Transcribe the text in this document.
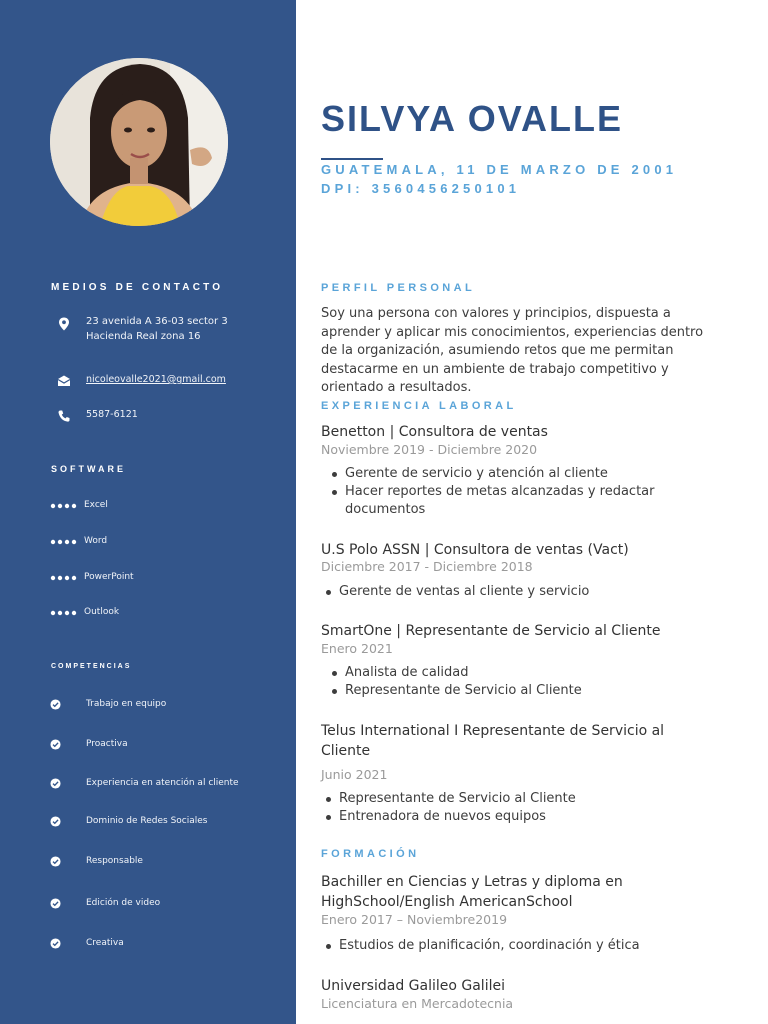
MEDIOS DE CONTACTO
23 avenida A 36-03 sector 3
Hacienda Real zona 16
nicoleovalle2021@gmail.com
5587-6121
SOFTWARE
Excel
Word
PowerPoint
Outlook
COMPETENCIAS
Trabajo en equipo
Proactiva
Experiencia en atención al cliente
Dominio de Redes Sociales
Responsable
Edición de video
Creativa
SILVYA OVALLE
GUATEMALA, 11 DE MARZO DE 2001
DPI: 3560456250101
PERFIL PERSONAL
Soy una persona con valores y principios, dispuesta a aprender y aplicar mis conocimientos, experiencias dentro de la organización, asumiendo retos que me permitan destacarme en un ambiente de trabajo competitivo y orientado a resultados.
EXPERIENCIA LABORAL
Benetton | Consultora de ventas
Noviembre 2019 - Diciembre 2020
Gerente de servicio y atención al cliente
Hacer reportes de metas alcanzadas y redactar documentos
U.S Polo ASSN | Consultora de ventas (Vact)
Diciembre 2017 - Diciembre 2018
Gerente de ventas al cliente y servicio
SmartOne | Representante de Servicio al Cliente
Enero 2021
Analista de calidad
Representante de Servicio al Cliente
Telus International I Representante de Servicio al Cliente
Junio 2021
Representante de Servicio al Cliente
Entrenadora de nuevos equipos
FORMACIÓN
Bachiller en Ciencias y Letras y diploma en HighSchool/English AmericanSchool
Enero 2017 – Noviembre2019
Estudios de planificación, coordinación y ética
Universidad Galileo Galilei
Licenciatura en Mercadotecnia
